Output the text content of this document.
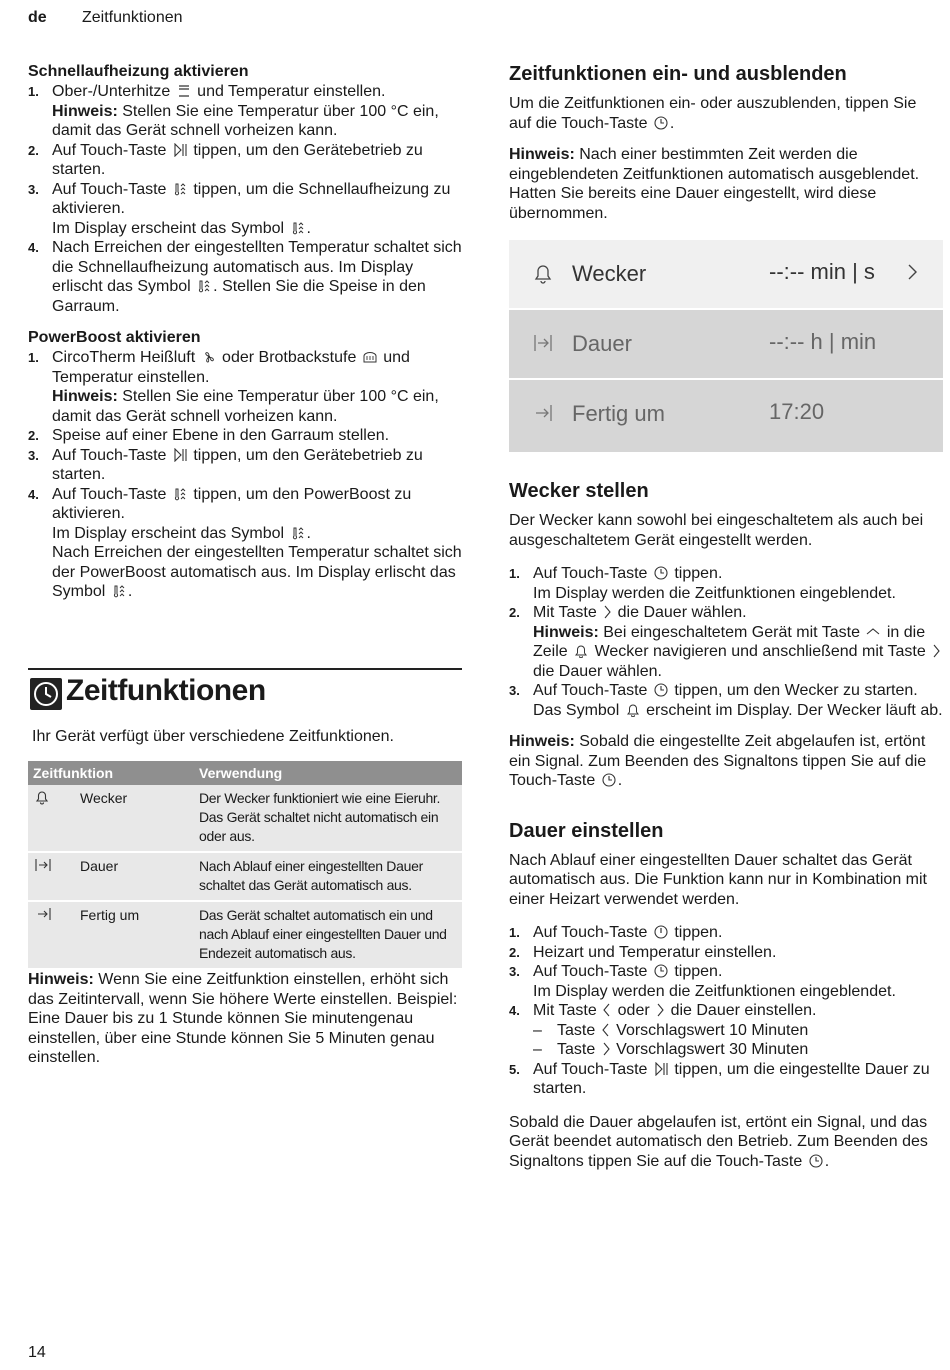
de Zeitfunktionen
Schnellaufheizung aktivieren
1. Ober-/Unterhitze und Temperatur einstellen.
Hinweis: Stellen Sie eine Temperatur über 100 °C ein, damit das Gerät schnell vorheizen kann.
2. Auf Touch-Taste tippen, um den Gerätebetrieb zu starten.
3. Auf Touch-Taste tippen, um die Schnellaufheizung zu aktivieren.
Im Display erscheint das Symbol .
4. Nach Erreichen der eingestellten Temperatur schaltet sich die Schnellaufheizung automatisch aus. Im Display erlischt das Symbol . Stellen Sie die Speise in den Garraum.
PowerBoost aktivieren
1. CircoTherm Heißluft oder Brotbackstufe und Temperatur einstellen.
Hinweis: Stellen Sie eine Temperatur über 100 °C ein, damit das Gerät schnell vorheizen kann.
2. Speise auf einer Ebene in den Garraum stellen.
3. Auf Touch-Taste tippen, um den Gerätebetrieb zu starten.
4. Auf Touch-Taste tippen, um den PowerBoost zu aktivieren.
Im Display erscheint das Symbol .
Nach Erreichen der eingestellten Temperatur schaltet sich der PowerBoost automatisch aus. Im Display erlischt das Symbol .
Zeitfunktionen
Ihr Gerät verfügt über verschiedene Zeitfunktionen.
Zeitfunktion		Verwendung

	Wecker	Der Wecker funktioniert wie eine Eieruhr. Das Gerät schaltet nicht automatisch ein oder aus.

	Dauer	Nach Ablauf einer eingestellten Dauer schaltet das Gerät automatisch aus.

	Fertig um	Das Gerät schaltet automatisch ein und nach Ablauf einer eingestellten Dauer und Endezeit automatisch aus.

Hinweis: Wenn Sie eine Zeitfunktion einstellen, erhöht sich das Zeitintervall, wenn Sie höhere Werte einstellen. Beispiel: Eine Dauer bis zu 1 Stunde können Sie minutengenau einstellen, über eine Stunde können Sie 5 Minuten genau einstellen.

Zeitfunktionen ein- und ausblenden

Um die Zeitfunktionen ein- oder auszublenden, tippen Sie auf die Touch-Taste .

Hinweis: Nach einer bestimmten Zeit werden die eingeblendeten Zeitfunktionen automatisch ausgeblendet. Hatten Sie bereits eine Dauer eingestellt, wird diese übernommen.

Wecker	--:-- min | s
Dauer	--:-- h | min
Fertig um	17:20
Wecker stellen

Der Wecker kann sowohl bei eingeschaltetem als auch bei ausgeschaltetem Gerät eingestellt werden.

1. Auf Touch-Taste tippen.
Im Display werden die Zeitfunktionen eingeblendet.
2. Mit Taste die Dauer wählen.
Hinweis: Bei eingeschaltetem Gerät mit Taste in die Zeile Wecker navigieren und anschließend mit Taste
die Dauer wählen.
3. Auf Touch-Taste tippen, um den Wecker zu starten.
Das Symbol erscheint im Display. Der Wecker läuft ab.

Hinweis: Sobald die eingestellte Zeit abgelaufen ist, ertönt ein Signal. Zum Beenden des Signaltons tippen Sie auf die Touch-Taste .

Dauer einstellen

Nach Ablauf einer eingestellten Dauer schaltet das Gerät automatisch aus. Die Funktion kann nur in Kombination mit einer Heizart verwendet werden.

1. Auf Touch-Taste tippen.
2. Heizart und Temperatur einstellen.
3. Auf Touch-Taste tippen.
Im Display werden die Zeitfunktionen eingeblendet.
4. Mit Taste oder die Dauer einstellen.
– Taste Vorschlagswert 10 Minuten
– Taste Vorschlagswert 30 Minuten
5. Auf Touch-Taste tippen, um die eingestellte Dauer zu starten.

Sobald die Dauer abgelaufen ist, ertönt ein Signal, und das Gerät beendet automatisch den Betrieb. Zum Beenden des Signaltons tippen Sie auf die Touch-Taste .

14
